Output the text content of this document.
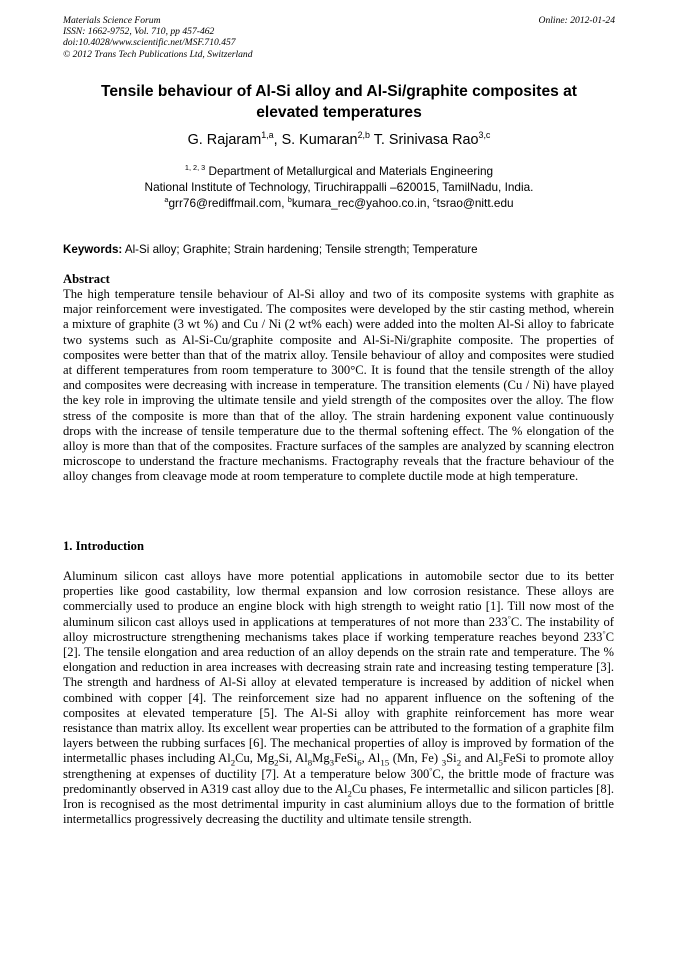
Materials Science Forum
ISSN: 1662-9752, Vol. 710, pp 457-462
doi:10.4028/www.scientific.net/MSF.710.457
© 2012 Trans Tech Publications Ltd, Switzerland
Online: 2012-01-24
Tensile behaviour of Al-Si alloy and Al-Si/graphite composites at elevated temperatures
G. Rajaram$^{1,a}$, S. Kumaran$^{2,b}$ T. Srinivasa Rao$^{3,c}$
$^{1, 2, 3}$ Department of Metallurgical and Materials Engineering
National Institute of Technology, Tiruchirappalli –620015, TamilNadu, India.
$^a$grr76@rediffmail.com, $^b$kumara_rec@yahoo.co.in, $^c$tsrao@nitt.edu
Keywords: Al-Si alloy; Graphite; Strain hardening; Tensile strength; Temperature
Abstract
The high temperature tensile behaviour of Al-Si alloy and two of its composite systems with graphite as major reinforcement were investigated. The composites were developed by the stir casting method, wherein a mixture of graphite (3 wt %) and Cu / Ni (2 wt% each) were added into the molten Al-Si alloy to fabricate two systems such as Al-Si-Cu/graphite composite and Al-Si-Ni/graphite composite. The properties of composites were better than that of the matrix alloy. Tensile behaviour of alloy and composites were studied at different temperatures from room temperature to 300°C. It is found that the tensile strength of the alloy and composites were decreasing with increase in temperature. The transition elements (Cu / Ni) have played the key role in improving the ultimate tensile and yield strength of the composites over the alloy. The flow stress of the composite is more than that of the alloy. The strain hardening exponent value continuously drops with the increase of tensile temperature due to the thermal softening effect. The % elongation of the alloy is more than that of the composites. Fracture surfaces of the samples are analyzed by scanning electron microscope to understand the fracture mechanisms. Fractography reveals that the fracture behaviour of the alloy changes from cleavage mode at room temperature to complete ductile mode at high temperature.
1. Introduction
Aluminum silicon cast alloys have more potential applications in automobile sector due to its better properties like good castability, low thermal expansion and low corrosion resistance. These alloys are commercially used to produce an engine block with high strength to weight ratio [1]. Till now most of the aluminum silicon cast alloys used in applications at temperatures of not more than 233°C. The instability of alloy microstructure strengthening mechanisms takes place if working temperature reaches beyond 233°C [2]. The tensile elongation and area reduction of an alloy depends on the strain rate and temperature. The % elongation and reduction in area increases with decreasing strain rate and increasing testing temperature [3]. The strength and hardness of Al-Si alloy at elevated temperature is increased by addition of nickel when combined with copper [4]. The reinforcement size had no apparent influence on the softening of the composites at elevated temperature [5]. The Al-Si alloy with graphite reinforcement has more wear resistance than matrix alloy. Its excellent wear properties can be attributed to the formation of a graphite film layers between the rubbing surfaces [6]. The mechanical properties of alloy is improved by formation of the intermetallic phases including $Al_2Cu$, $Mg_2Si$, $Al_8Mg_3FeSi_6$, $Al_{15}$ (Mn, Fe) $_3Si_2$ and $Al_5FeSi$ to promote alloy strengthening at expenses of ductility [7]. At a temperature below 300°C, the brittle mode of fracture was predominantly observed in A319 cast alloy due to the $Al_2Cu$ phases, Fe intermetallic and silicon particles [8]. Iron is recognised as the most detrimental impurity in cast aluminium alloys due to the formation of brittle intermetallics progressively decreasing the ductility and ultimate tensile strength.
